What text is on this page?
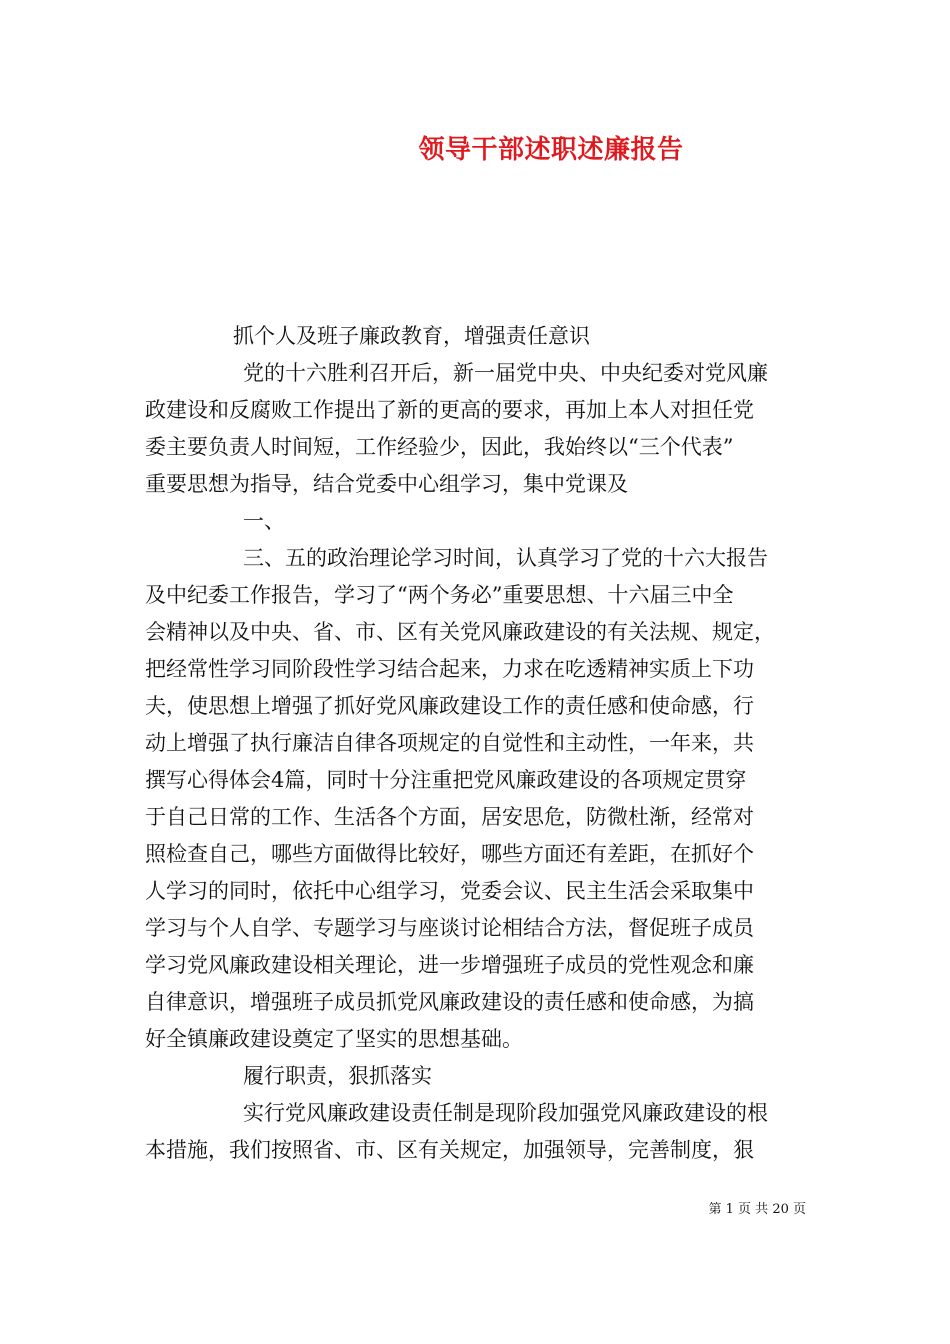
领导干部述职述廉报告
抓个人及班子廉政教育，增强责任意识
党的十六胜利召开后，新一届党中央、中央纪委对党风廉
政建设和反腐败工作提出了新的更高的要求，再加上本人对担任党
委主要负责人时间短，工作经验少，因此，我始终以“三个代表”
重要思想为指导，结合党委中心组学习，集中党课及
一、
三、五的政治理论学习时间，认真学习了党的十六大报告
及中纪委工作报告，学习了“两个务必”重要思想、十六届三中全
会精神以及中央、省、市、区有关党风廉政建设的有关法规、规定，
把经常性学习同阶段性学习结合起来，力求在吃透精神实质上下功
夫，使思想上增强了抓好党风廉政建设工作的责任感和使命感，行
动上增强了执行廉洁自律各项规定的自觉性和主动性，一年来，共
撰写心得体会4篇，同时十分注重把党风廉政建设的各项规定贯穿
于自己日常的工作、生活各个方面，居安思危，防微杜渐，经常对
照检查自己，哪些方面做得比较好，哪些方面还有差距，在抓好个
人学习的同时，依托中心组学习，党委会议、民主生活会采取集中
学习与个人自学、专题学习与座谈讨论相结合方法，督促班子成员
学习党风廉政建设相关理论，进一步增强班子成员的党性观念和廉
自律意识，增强班子成员抓党风廉政建设的责任感和使命感，为搞
好全镇廉政建设奠定了坚实的思想基础。
履行职责，狠抓落实
实行党风廉政建设责任制是现阶段加强党风廉政建设的根
本措施，我们按照省、市、区有关规定，加强领导，完善制度，狠
第 1 页 共 20 页
